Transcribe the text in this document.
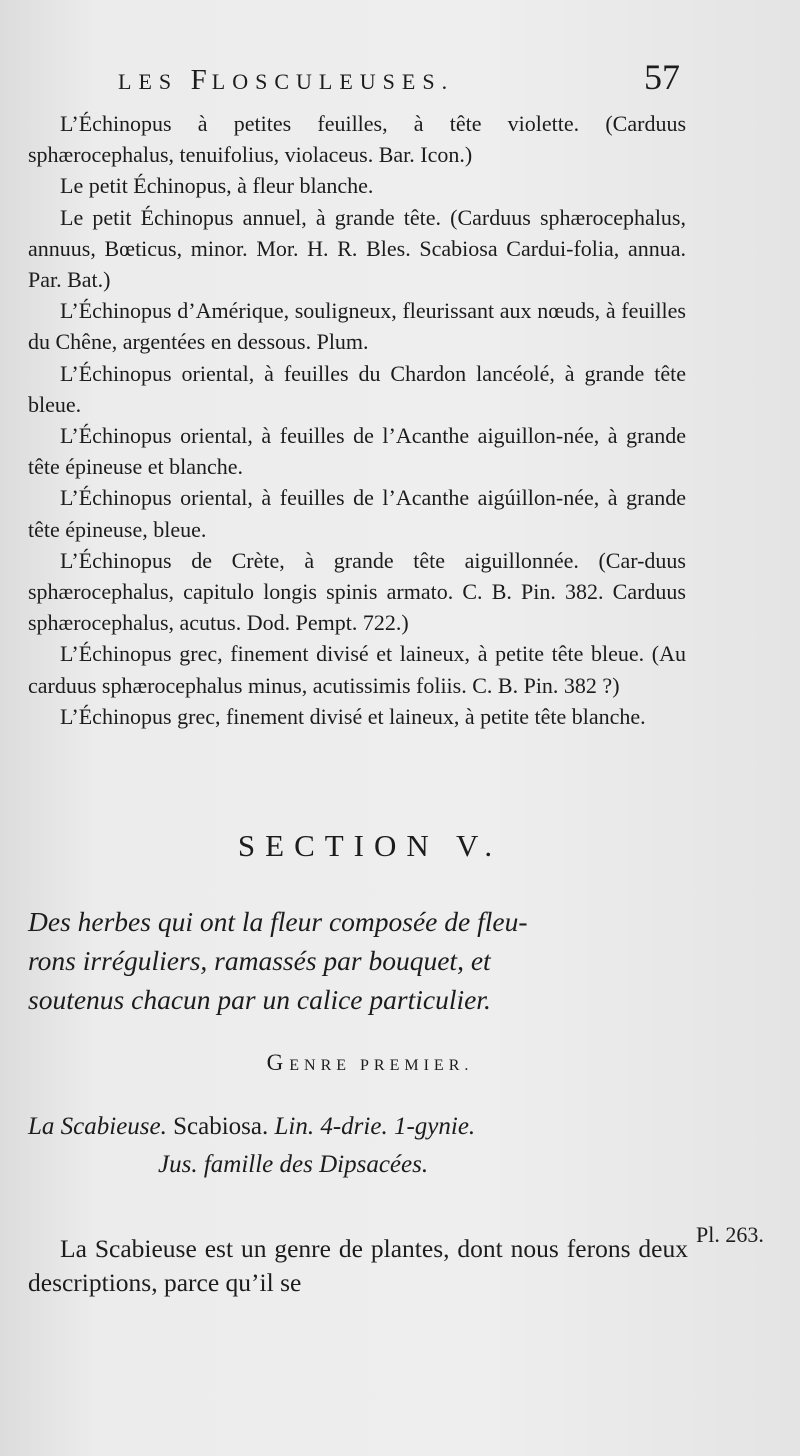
LES FLOSCULEUSES.	57

L’Échinopus à petites feuilles, à tête violette. (Carduus sphærocephalus, tenuifolius, violaceus. Bar. Icon.)

Le petit Échinopus, à fleur blanche.

Le petit Échinopus annuel, à grande tête. (Carduus sphærocephalus, annuus, Bœticus, minor. Mor. H. R. Bles. Scabiosa Cardui-folia, annua. Par. Bat.)

L’Échinopus d’Amérique, souligneux, fleurissant aux nœuds, à feuilles du Chêne, argentées en dessous. Plum.

L’Échinopus oriental, à feuilles du Chardon lancéolé, à grande tête bleue.

L’Échinopus oriental, à feuilles de l’Acanthe aiguillon-née, à grande tête épineuse et blanche.

L’Échinopus oriental, à feuilles de l’Acanthe aigúillon-née, à grande tête épineuse, bleue.

L’Échinopus de Crète, à grande tête aiguillonnée. (Car-duus sphærocephalus, capitulo longis spinis armato. C. B. Pin. 382. Carduus sphærocephalus, acutus. Dod. Pempt. 722.)

L’Échinopus grec, finement divisé et laineux, à petite tête bleue. (Au carduus sphærocephalus minus, acutissimis foliis. C. B. Pin. 382 ?)

L’Échinopus grec, finement divisé et laineux, à petite tête blanche.

SECTION V.

Des herbes qui ont la fleur composée de fleu-

rons irréguliers, ramassés par bouquet, et

soutenus chacun par un calice particulier.

GENRE PREMIER.

La Scabieuse. Scabiosa. Lin. 4-drie. 1-gynie.

Jus. famille des Dipsacées.

La Scabieuse est un genre de plantes, dont nous ferons deux descriptions, parce qu’il se

Pl. 263.
